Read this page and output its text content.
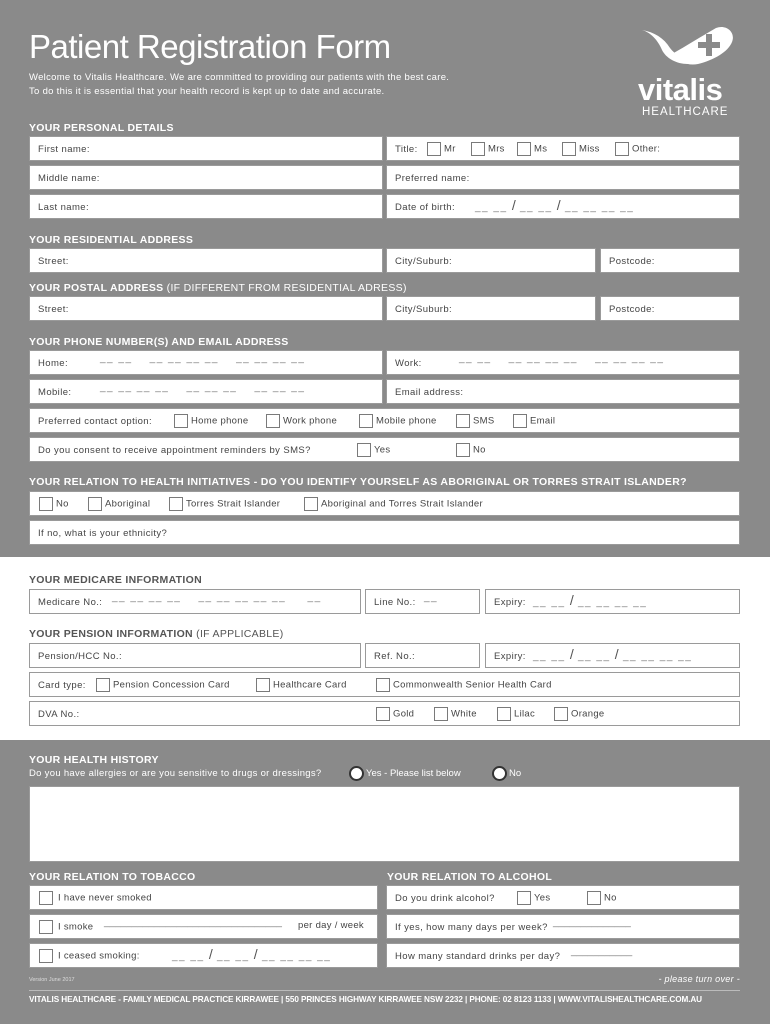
Patient Registration Form
Welcome to Vitalis Healthcare. We are committed to providing our patients with the best care.
To do this it is essential that your health record is kept up to date and accurate.	vitalis
HEALTHCARE
YOUR PERSONAL DETAILS
First name:	Title:	Mr	Mrs	Ms	Miss	Other:
Middle name:	Preferred name:
Last name:	Date of birth: __ __ / __ __ / __ __ __ __
YOUR RESIDENTIAL ADDRESS
Street:	City/Suburb:	Postcode:
YOUR POSTAL ADDRESS (IF DIFFERENT FROM RESIDENTIAL ADRESS)
Street:	City/Suburb:	Postcode:
YOUR PHONE NUMBER(S) AND EMAIL ADDRESS
Home:	__ __    __ __ __ __    __ __ __ __	Work:	__ __    __ __ __ __    __ __ __ __
Mobile:	__ __ __ __    __ __ __    __ __ __	Email address:
Preferred contact option:	Home phone	Work phone	Mobile phone	SMS	Email
Do you consent to receive appointment reminders by SMS?	Yes	No
YOUR RELATION TO HEALTH INITIATIVES - DO YOU IDENTIFY YOURSELF AS ABORIGINAL OR TORRES STRAIT ISLANDER?
No	Aboriginal	Torres Strait Islander	Aboriginal and Torres Strait Islander
If no, what is your ethnicity?
YOUR MEDICARE INFORMATION
Medicare No.: __ __ __ __    __ __ __ __ __     __	Line No.: __	Expiry: __ __ / __ __ __ __
YOUR PENSION INFORMATION (IF APPLICABLE)
Pension/HCC No.:	Ref. No.:	Expiry: __ __ / __ __ / __ __ __ __
Card type:	Pension Concession Card	Healthcare Card	Commonwealth Senior Health Card
DVA No.:	Gold	White	Lilac	Orange
YOUR HEALTH HISTORY
Do you have allergies or are you sensitive to drugs or dressings?	Yes - Please list below	No
YOUR RELATION TO TOBACCO
I have never smoked
I smoke ________________________________ per day / week
I ceased smoking:	__ __ / __ __ / __ __ __ __
YOUR RELATION TO ALCOHOL
Do you drink alcohol?	Yes	No
If yes, how many days per week? ______________
How many standard drinks per day? ___________
Version June 2017	- please turn over -
VITALIS HEALTHCARE - FAMILY MEDICAL PRACTICE KIRRAWEE | 550 PRINCES HIGHWAY KIRRAWEE NSW 2232 | PHONE: 02 8123 1133 | WWW.VITALISHEALTHCARE.COM.AU
